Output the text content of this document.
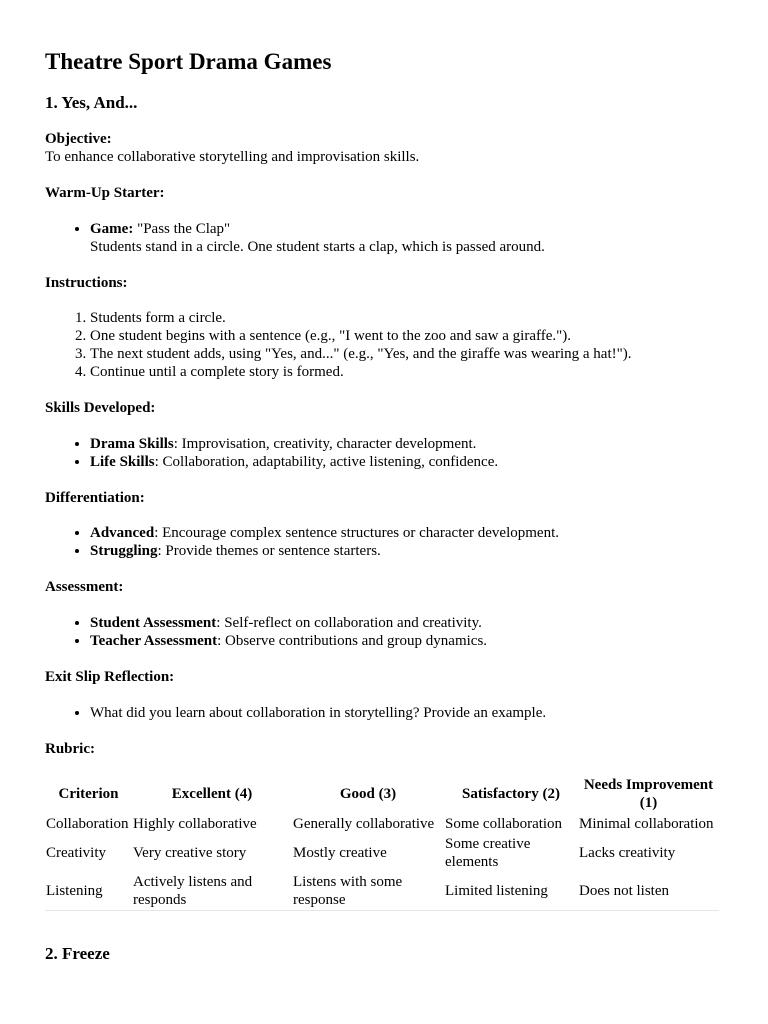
Theatre Sport Drama Games
1. Yes, And...
Objective:
To enhance collaborative storytelling and improvisation skills.
Warm-Up Starter:
• Game: "Pass the Clap"
Students stand in a circle. One student starts a clap, which is passed around.
Instructions:
1. Students form a circle.
2. One student begins with a sentence (e.g., "I went to the zoo and saw a giraffe.").
3. The next student adds, using "Yes, and..." (e.g., "Yes, and the giraffe was wearing a hat!").
4. Continue until a complete story is formed.
Skills Developed:
• Drama Skills: Improvisation, creativity, character development.
• Life Skills: Collaboration, adaptability, active listening, confidence.
Differentiation:
• Advanced: Encourage complex sentence structures or character development.
• Struggling: Provide themes or sentence starters.
Assessment:
• Student Assessment: Self-reflect on collaboration and creativity.
• Teacher Assessment: Observe contributions and group dynamics.
Exit Slip Reflection:
• What did you learn about collaboration in storytelling? Provide an example.
Rubric:
Criterion	Excellent (4)	Good (3)	Satisfactory (2)	Needs Improvement (1)
Collaboration	Highly collaborative	Generally collaborative	Some collaboration	Minimal collaboration
Creativity	Very creative story	Mostly creative	Some creative elements	Lacks creativity
Listening	Actively listens and responds	Listens with some response	Limited listening	Does not listen
2. Freeze
